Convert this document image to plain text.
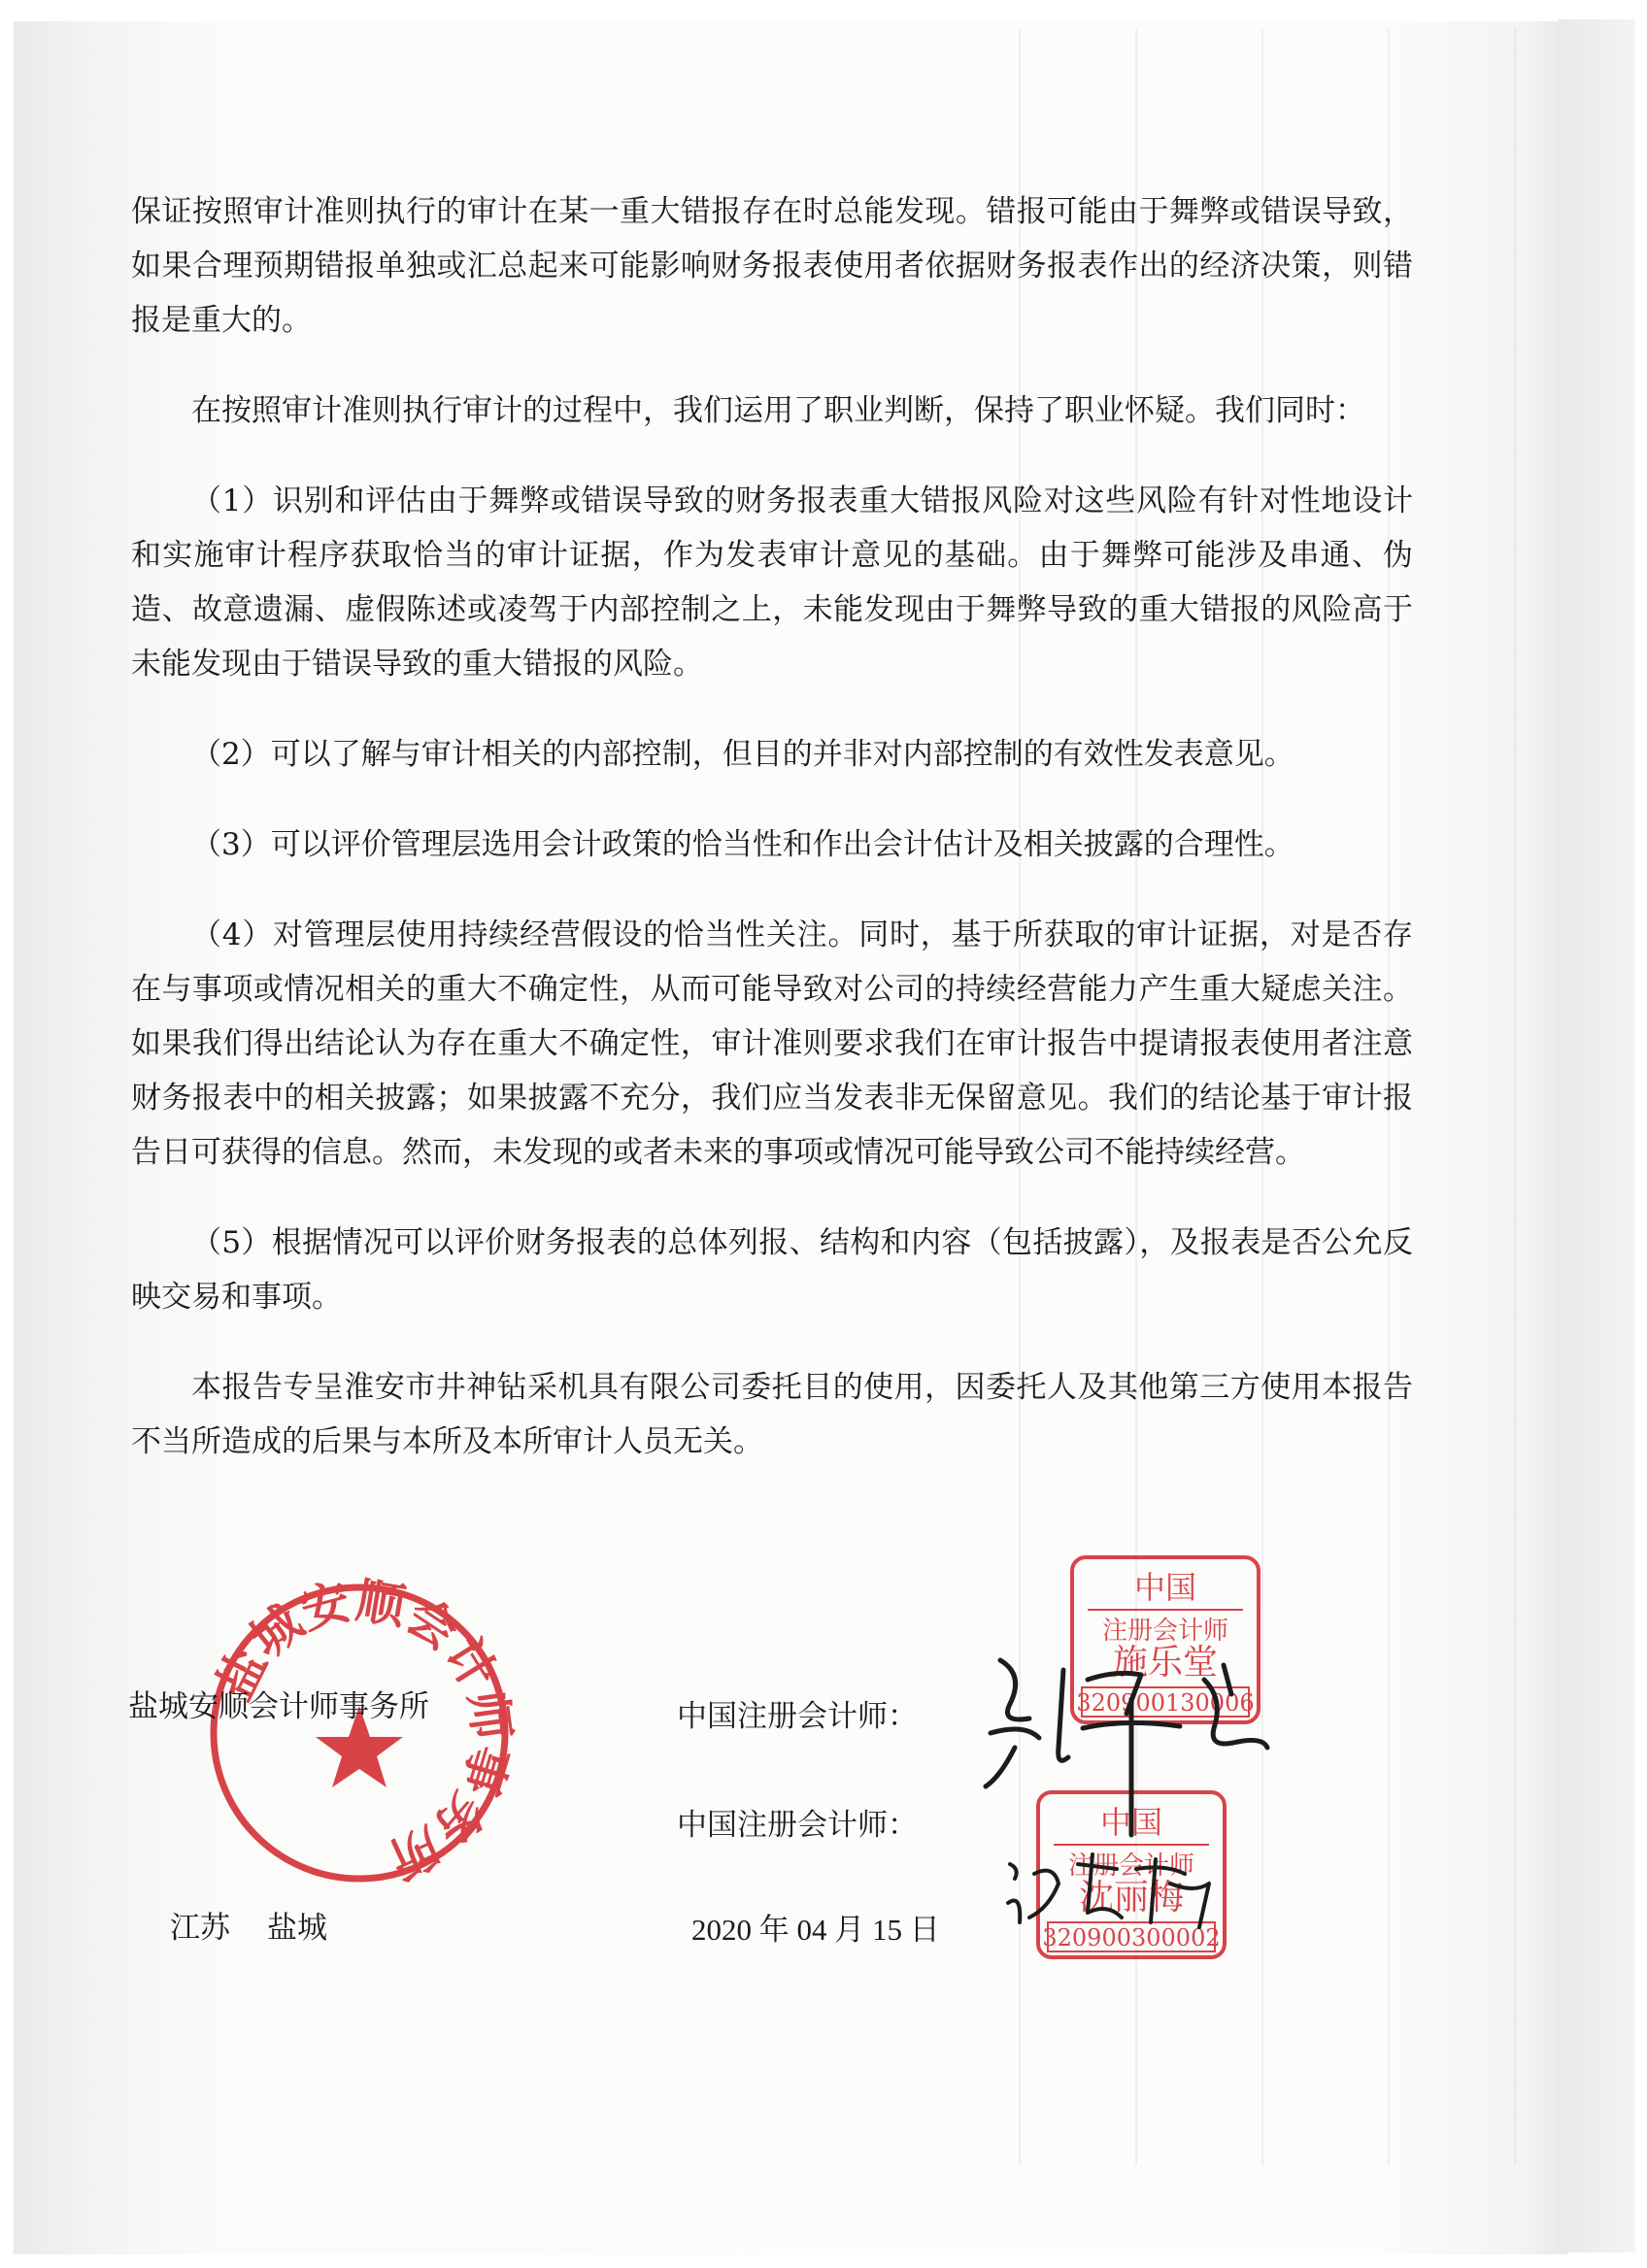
保证按照审计准则执行的审计在某一重大错报存在时总能发现。错报可能由于舞弊或错误导致，如果合理预期错报单独或汇总起来可能影响财务报表使用者依据财务报表作出的经济决策，则错报是重大的。

在按照审计准则执行审计的过程中，我们运用了职业判断，保持了职业怀疑。我们同时：

（1）识别和评估由于舞弊或错误导致的财务报表重大错报风险对这些风险有针对性地设计和实施审计程序获取恰当的审计证据，作为发表审计意见的基础。由于舞弊可能涉及串通、伪造、故意遗漏、虚假陈述或凌驾于内部控制之上，未能发现由于舞弊导致的重大错报的风险高于未能发现由于错误导致的重大错报的风险。

（2）可以了解与审计相关的内部控制，但目的并非对内部控制的有效性发表意见。

（3）可以评价管理层选用会计政策的恰当性和作出会计估计及相关披露的合理性。

（4）对管理层使用持续经营假设的恰当性关注。同时，基于所获取的审计证据，对是否存在与事项或情况相关的重大不确定性，从而可能导致对公司的持续经营能力产生重大疑虑关注。如果我们得出结论认为存在重大不确定性，审计准则要求我们在审计报告中提请报表使用者注意财务报表中的相关披露；如果披露不充分，我们应当发表非无保留意见。我们的结论基于审计报告日可获得的信息。然而，未发现的或者未来的事项或情况可能导致公司不能持续经营。

（5）根据情况可以评价财务报表的总体列报、结构和内容（包括披露），及报表是否公允反映交易和事项。

本报告专呈淮安市井神钻采机具有限公司委托目的使用，因委托人及其他第三方使用本报告不当所造成的后果与本所及本所审计人员无关。

盐城安顺会计师事务所
中国
注册会计师
施乐堂
320900130006
中国
注册会计师
沈丽梅
320900300002
盐城安顺会计师事务所	中国注册会计师：
中国注册会计师：
江苏 盐城	2020 年 04 月 15 日
